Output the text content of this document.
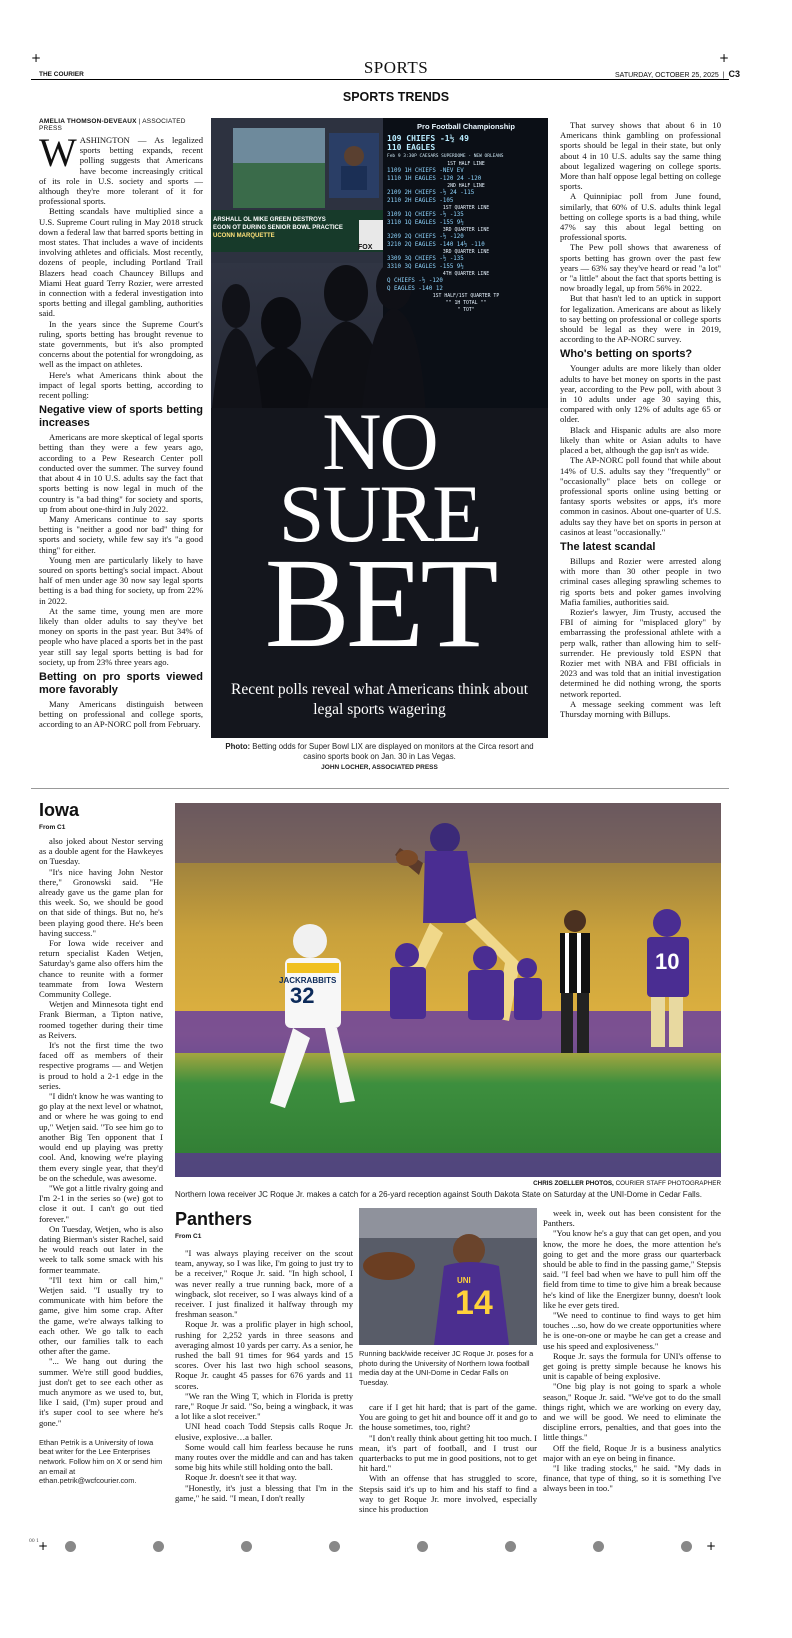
+	+
SPORTS
THE COURIER	SATURDAY, OCTOBER 25, 2025 | C3
SPORTS TRENDS
AMELIA THOMSON-DEVEAUX | ASSOCIATED PRESS
W ASHINGTON — As legalized sports betting expands, recent polling suggests that Americans have become increasingly critical of its role in U.S. society and sports — although they're more tolerant of it for professional sports.

Betting scandals have multiplied since a U.S. Supreme Court ruling in May 2018 struck down a federal law that barred sports betting in most states. That includes a wave of incidents involving athletes and officials. Most recently, dozens of people, including Portland Trail Blazers head coach Chauncey Billups and Miami Heat guard Terry Rozier, were arrested in connection with a federal investigation into sports betting and illegal gambling, authorities said.

In the years since the Supreme Court's ruling, sports betting has brought revenue to state governments, but it's also prompted concerns about the potential for wrongdoing, as well as the impact on athletes.

Here's what Americans think about the impact of legal sports betting, according to recent polling:

Negative view of sports betting increases

Americans are more skeptical of legal sports betting than they were a few years ago, according to a Pew Research Center poll conducted over the summer. The survey found that about 4 in 10 U.S. adults say the fact that sports betting is now legal in much of the country is "a bad thing" for society and sports, up from about one-third in July 2022.

Many Americans continue to say sports betting is "neither a good nor bad" thing for sports and society, while few say it's "a good thing" for either.

Young men are particularly likely to have soured on sports betting's social impact. About half of men under age 30 now say legal sports betting is a bad thing for society, up from 22% in 2022.

At the same time, young men are more likely than older adults to say they've bet money on sports in the past year. But 34% of people who have placed a sports bet in the past year still say legal sports betting is bad for society, up from 23% three years ago.

Betting on pro sports viewed more favorably

Many Americans distinguish between betting on professional and college sports, according to an AP-NORC poll from February.

Pro Football Championship
109 CHIEFS -1½ 49
110 EAGLES
Feb 9 3:30P CAESARS SUPERDOME - NEW ORLEANS
1ST HALF LINE
1109 1H CHIEFS -NEV EV
1110 1H EAGLES -120 24 -120
2ND HALF LINE
2109 2H CHIEFS -½ 24 -115
2110 2H EAGLES -105
1ST QUARTER LINE
3109 1Q CHIEFS -½ -135
3110 1Q EAGLES -155 9½
3RD QUARTER LINE
3209 2Q CHIEFS -½ -120
3210 2Q EAGLES -140 14½ -110
3RD QUARTER LINE
3309 3Q CHIEFS -½ -135
3310 3Q EAGLES -155 9½
4TH QUARTER LINE
Q CHIEFS -½ -120
Q EAGLES -140 12
1ST HALF/1ST QUARTER TP
"" 1H TOTAL ""
" TOT"
ARSHALL OL MIKE GREEN DESTROYS
EGON OT DURING SENIOR BOWL PRACTICE
UCONN MARQUETTE
FOX
NO
SURE
BET
Recent polls reveal what Americans think about legal sports wagering
Photo: Betting odds for Super Bowl LIX are displayed on monitors at the Circa resort and casino sports book on Jan. 30 in Las Vegas.
JOHN LOCHER, ASSOCIATED PRESS

That survey shows that about 6 in 10 Americans think gambling on professional sports should be legal in their state, but only about 4 in 10 U.S. adults say the same thing about legalized wagering on college sports. More than half oppose legal betting on college sports.

A Quinnipiac poll from June found, similarly, that 60% of U.S. adults think legal betting on college sports is a bad thing, while 47% say this about legal betting on professional sports.

The Pew poll shows that awareness of sports betting has grown over the past few years — 63% say they've heard or read "a lot" or "a little" about the fact that sports betting is now broadly legal, up from 56% in 2022.

But that hasn't led to an uptick in support for legalization. Americans are about as likely to say betting on professional or college sports should be legal as they were in 2019, according to the AP-NORC survey.

Who's betting on sports?

Younger adults are more likely than older adults to have bet money on sports in the past year, according to the Pew poll, with about 3 in 10 adults under age 30 saying this, compared with only 12% of adults age 65 or older.

Black and Hispanic adults are also more likely than white or Asian adults to have placed a bet, although the gap isn't as wide.

The AP-NORC poll found that while about 14% of U.S. adults say they "frequently" or "occasionally" place bets on college or professional sports online using betting or fantasy sports websites or apps, it's more common in casinos. About one-quarter of U.S. adults say they have bet on sports in person at casinos at least "occasionally."

The latest scandal

Billups and Rozier were arrested along with more than 30 other people in two criminal cases alleging sprawling schemes to rig sports bets and poker games involving Mafia families, authorities said.

Rozier's lawyer, Jim Trusty, accused the FBI of aiming for "misplaced glory" by embarrassing the professional athlete with a perp walk, rather than allowing him to self-surrender. He previously told ESPN that Rozier met with NBA and FBI officials in 2023 and was told that an initial investigation determined he did nothing wrong, the sports network reported.

A message seeking comment was left Thursday morning with Billups.

Iowa
From C1

also joked about Nestor serving as a double agent for the Hawkeyes on Tuesday.

"It's nice having John Nestor there," Gronowski said. "He already gave us the game plan for this week. So, we should be good on that side of things. But no, he's been playing good there. He's been having success."

For Iowa wide receiver and return specialist Kaden Wetjen, Saturday's game also offers him the chance to reunite with a former teammate from Iowa Western Community College.

Wetjen and Minnesota tight end Frank Bierman, a Tipton native, roomed together during their time as Reivers.

It's not the first time the two faced off as members of their respective programs — and Wetjen is proud to hold a 2-1 edge in the series.

"I didn't know he was wanting to go play at the next level or whatnot, and or where he was going to end up," Wetjen said. "To see him go to another Big Ten opponent that I would end up playing was pretty cool. And, knowing we're playing them every single year, that they'd be on the schedule, was awesome.

"We got a little rivalry going and I'm 2-1 in the series so (we) got to close it out. I can't go out tied forever."

On Tuesday, Wetjen, who is also dating Bierman's sister Rachel, said he would reach out later in the week to talk some smack with his former teammate.

"I'll text him or call him," Wetjen said. "I usually try to communicate with him before the game, give him some crap. After the game, we're always talking to each other. We go talk to each other, our families talk to each other after the game.

"... We hang out during the summer. We're still good buddies, just don't get to see each other as much anymore as we used to, but, like I said, (I'm) super proud and it's super cool to see where he's gone."

Ethan Petrik is a University of Iowa beat writer for the Lee Enterprises network. Follow him on X or send him an email at ethan.petrik@wcfcourier.com.
JACKRABBITS
32
10
CHRIS ZOELLER PHOTOS, COURIER STAFF PHOTOGRAPHER
Northern Iowa receiver JC Roque Jr. makes a catch for a 26-yard reception against South Dakota State on Saturday at the UNI-Dome in Cedar Falls.
Panthers
From C1

"I was always playing receiver on the scout team, anyway, so I was like, I'm going to just try to be a receiver," Roque Jr. said. "In high school, I was never really a true running back, more of a wingback, slot receiver, so I was always kind of a receiver. I just finalized it halfway through my freshman season."

Roque Jr. was a prolific player in high school, rushing for 2,252 yards in three seasons and averaging almost 10 yards per carry. As a senior, he rushed the ball 91 times for 964 yards and 15 scores. Over his last two high school seasons, Roque Jr. caught 45 passes for 676 yards and 11 scores.

"We ran the Wing T, which in Florida is pretty rare," Roque Jr said. "So, being a wingback, it was a lot like a slot receiver."

UNI head coach Todd Stepsis calls Roque Jr. elusive, explosive…a baller.

Some would call him fearless because he runs many routes over the middle and can and has taken some big hits while still holding onto the ball.

Roque Jr. doesn't see it that way.

"Honestly, it's just a blessing that I'm in the game," he said. "I mean, I don't really

UNI
14
Running back/wide receiver JC Roque Jr. poses for a photo during the University of Northern Iowa football media day at the UNI-Dome in Cedar Falls on Tuesday.

care if I get hit hard; that is part of the game. You are going to get hit and bounce off it and go to the house sometimes, too, right?

"I don't really think about getting hit too much. I mean, it's part of football, and I trust our quarterbacks to put me in good positions, not to get hit hard."

With an offense that has struggled to score, Stepsis said it's up to him and his staff to find a way to get Roque Jr. more involved, especially since his production

week in, week out has been consistent for the Panthers.

"You know he's a guy that can get open, and you know, the more he does, the more attention he's going to get and the more grass our quarterback should be able to find in the passing game," Stepsis said. "I feel bad when we have to pull him off the field from time to time to give him a break because he's kind of like the Energizer bunny, doesn't look like he ever gets tired.

"We need to continue to find ways to get him touches ...so, how do we create opportunities where he is one-on-one or maybe he can get a crease and use his speed and explosiveness."

Roque Jr. says the formula for UNI's offense to get going is pretty simple because he knows his unit is capable of being explosive.

"One big play is not going to spark a whole season," Roque Jr. said. "We've got to do the small things right, which we are working on every day, and we will be good. We need to eliminate the discipline errors, penalties, and that goes into the little things."

Off the field, Roque Jr is a business analytics major with an eye on being in finance.

"I like trading stocks," he said. "My dads in finance, that type of thing, so it is something I've always been in too."

00 1
+	+
